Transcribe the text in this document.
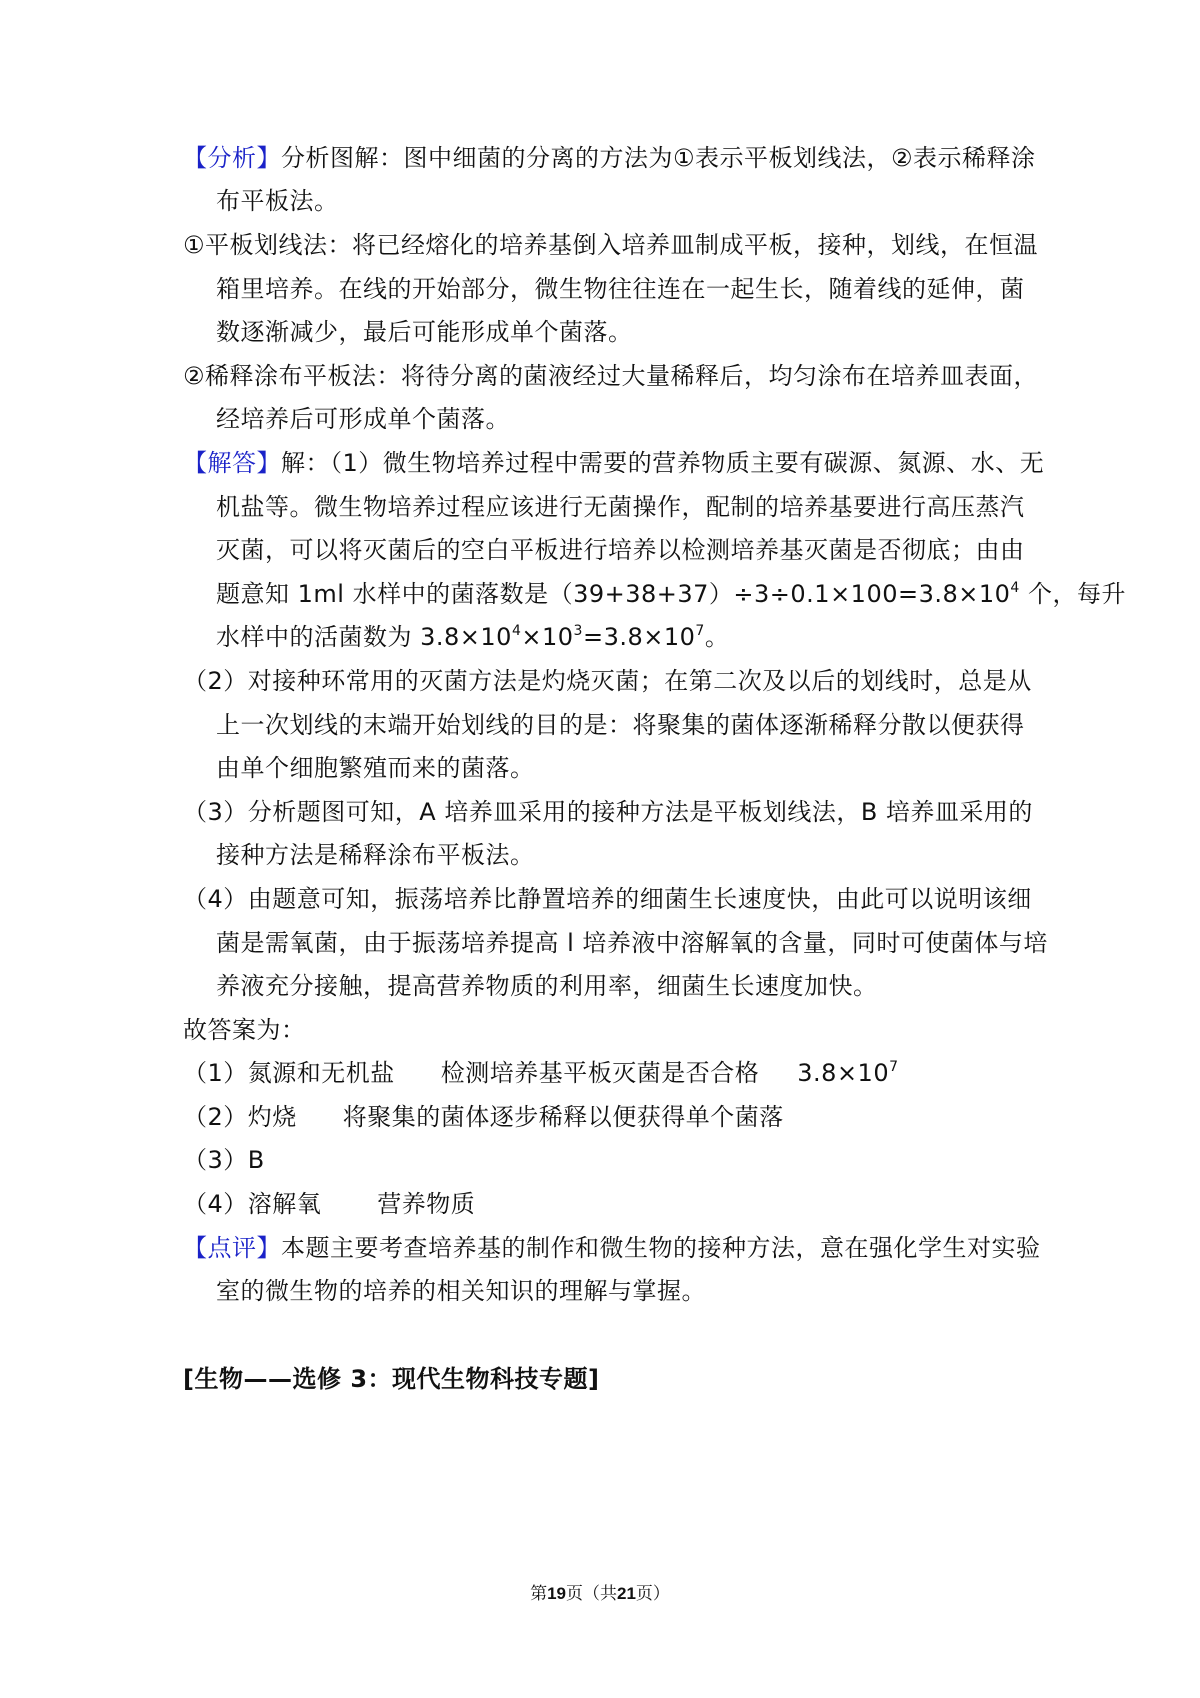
【分析】分析图解：图中细菌的分离的方法为①表示平板划线法，②表示稀释涂
布平板法。
①平板划线法：将已经熔化的培养基倒入培养皿制成平板，接种，划线，在恒温
箱里培养。在线的开始部分，微生物往往连在一起生长，随着线的延伸，菌
数逐渐减少，最后可能形成单个菌落。
②稀释涂布平板法：将待分离的菌液经过大量稀释后，均匀涂布在培养皿表面，
经培养后可形成单个菌落。
【解答】解：（1）微生物培养过程中需要的营养物质主要有碳源、氮源、水、无
机盐等。微生物培养过程应该进行无菌操作，配制的培养基要进行高压蒸汽
灭菌，可以将灭菌后的空白平板进行培养以检测培养基灭菌是否彻底；由由
题意知 1ml 水样中的菌落数是$(39+38+37)\div 3\div 0.1\times 100=3.8\times 10^4$ 个，每升
水样中的活菌数为 $3.8\times 10^4\times 10^3=3.8\times 10^7$。
（2）对接种环常用的灭菌方法是灼烧灭菌；在第二次及以后的划线时，总是从
上一次划线的末端开始划线的目的是：将聚集的菌体逐渐稀释分散以便获得
由单个细胞繁殖而来的菌落。
（3）分析题图可知，A 培养皿采用的接种方法是平板划线法，B 培养皿采用的
接种方法是稀释涂布平板法。
（4）由题意可知，振荡培养比静置培养的细菌生长速度快，由此可以说明该细
菌是需氧菌，由于振荡培养提高 l 培养液中溶解氧的含量，同时可使菌体与培
养液充分接触，提高营养物质的利用率，细菌生长速度加快。
故答案为：
（1）氮源和无机盐 检测培养基平板灭菌是否合格 $3.8\times 10^7$
（2）灼烧 将聚集的菌体逐步稀释以便获得单个菌落
（3）B
（4）溶解氧 营养物质
【点评】本题主要考查培养基的制作和微生物的接种方法，意在强化学生对实验
室的微生物的培养的相关知识的理解与掌握。
[生物——选修 3：现代生物科技专题]
第19页（共21页）
